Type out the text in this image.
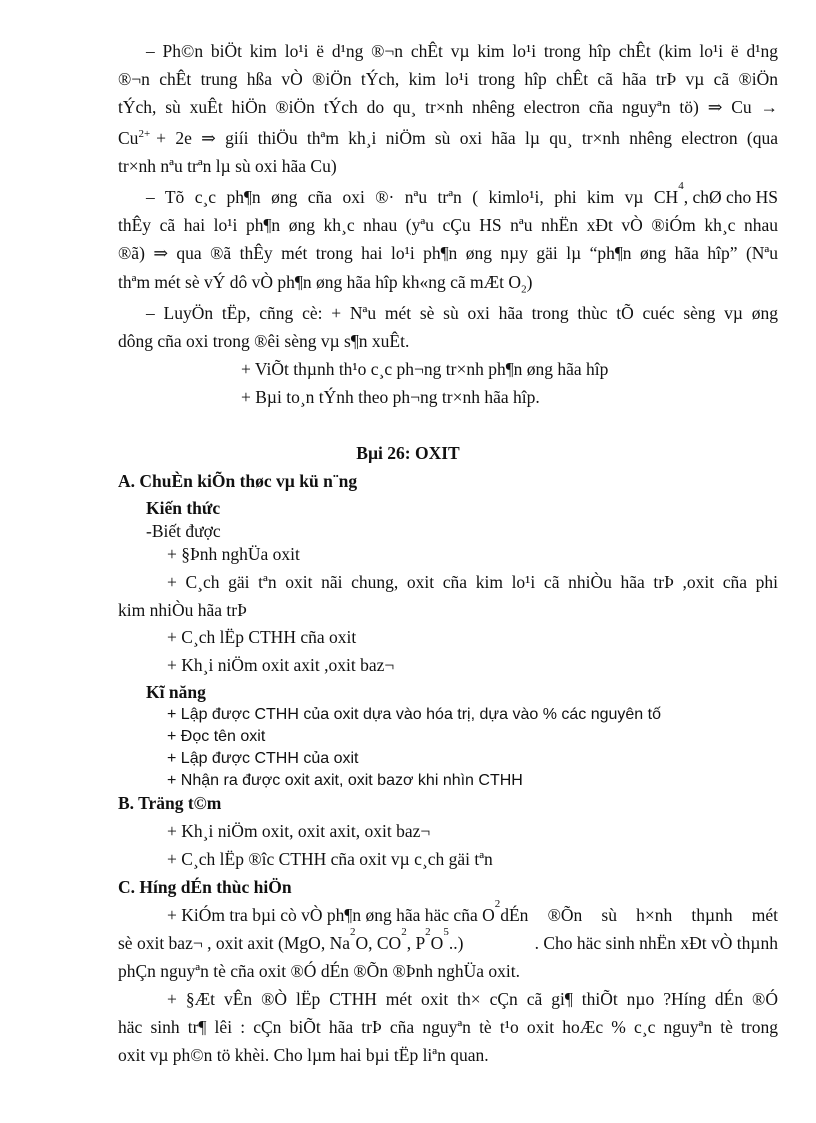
– Ph©n biÖt kim lo¹i ë d¹ng ®¬n chÊt vµ kim lo¹i trong hîp chÊt (kim lo¹i ë d¹ng
®¬n chÊt trung hßa vÒ ®iÖn tÝch, kim lo¹i trong hîp chÊt cã hãa trÞ vµ cã ®iÖn
tÝch, sù xuÊt hiÖn ®iÖn tÝch do qu¸ tr×nh nhêng electron cña nguyªn tö) ⇒ Cu →
$Cu^{2+} + 2e$ ⇒ giíi thiÖu thªm kh¸i niÖm sù oxi hãa lµ qu¸ tr×nh nhêng electron (qua
tr×nh nªu trªn lµ sù oxi hãa Cu)
– Tõ c¸c ph¶n øng cña oxi ®· nªu trªn ( kimlo¹i, phi kim vµ CH
4
, chØ cho HS
thÊy cã hai lo¹i ph¶n øng kh¸c nhau (yªu cÇu HS nªu nhËn xÐt vÒ ®iÓm kh¸c nhau
®ã) ⇒ qua ®ã thÊy mét trong hai lo¹i ph¶n øng nµy gäi lµ “ph¶n øng hãa hîp” (Nªu
thªm mét sè vÝ dô vÒ ph¶n øng hãa hîp kh«ng cã mÆt $O_2$)
– LuyÖn tËp, cñng cè: + Nªu mét sè sù oxi hãa trong thùc tÕ cuéc sèng vµ øng
dông cña oxi trong ®êi sèng vµ s¶n xuÊt.
+ ViÕt thµnh th¹o c¸c ph¬ng tr×nh ph¶n øng hãa hîp
+ Bµi to¸n tÝnh theo ph¬ng tr×nh hãa hîp.
Bµi 26: OXIT
A. ChuÈn kiÕn thøc vµ kü n¨ng
Kiến thức
-Biết được
+ §Þnh nghÜa oxit
+ C¸ch gäi tªn oxit nãi chung, oxit cña kim lo¹i cã nhiÒu hãa trÞ ,oxit cña phi
kim nhiÒu hãa trÞ
+ C¸ch lËp CTHH cña oxit
+ Kh¸i niÖm oxit axit ,oxit baz¬
Kĩ năng
+ Lập được CTHH của oxit dựa vào hóa trị, dựa vào % các nguyên tố
+ Đọc tên oxit
+ Lập được CTHH của oxit
+ Nhận ra được oxit axit, oxit bazơ khi nhìn CTHH
B. Träng t©m
+ Kh¸i niÖm oxit, oxit axit, oxit baz¬
+ C¸ch lËp ®îc CTHH cña oxit vµ c¸ch gäi tªn
C. Híng dÉn thùc hiÖn
+ KiÓm tra bµi cò vÒ ph¶n øng hãa häc cña O
2
dÉn ®Õn sù h×nh thµnh mét
sè oxit baz¬ , oxit axit (MgO, Na
2
O, CO
2
, P
2
O
5
..)	. Cho häc sinh nhËn xÐt vÒ thµnh
phÇn nguyªn tè cña oxit ®Ó dÉn ®Õn ®Þnh nghÜa oxit.
+ §Æt vÊn ®Ò lËp CTHH mét oxit th× cÇn cã gi¶ thiÕt nµo ?Híng dÉn ®Ó
häc sinh tr¶ lêi : cÇn biÕt hãa trÞ cña nguyªn tè t¹o oxit hoÆc % c¸c nguyªn tè trong
oxit vµ ph©n tö khèi. Cho lµm hai bµi tËp liªn quan.
